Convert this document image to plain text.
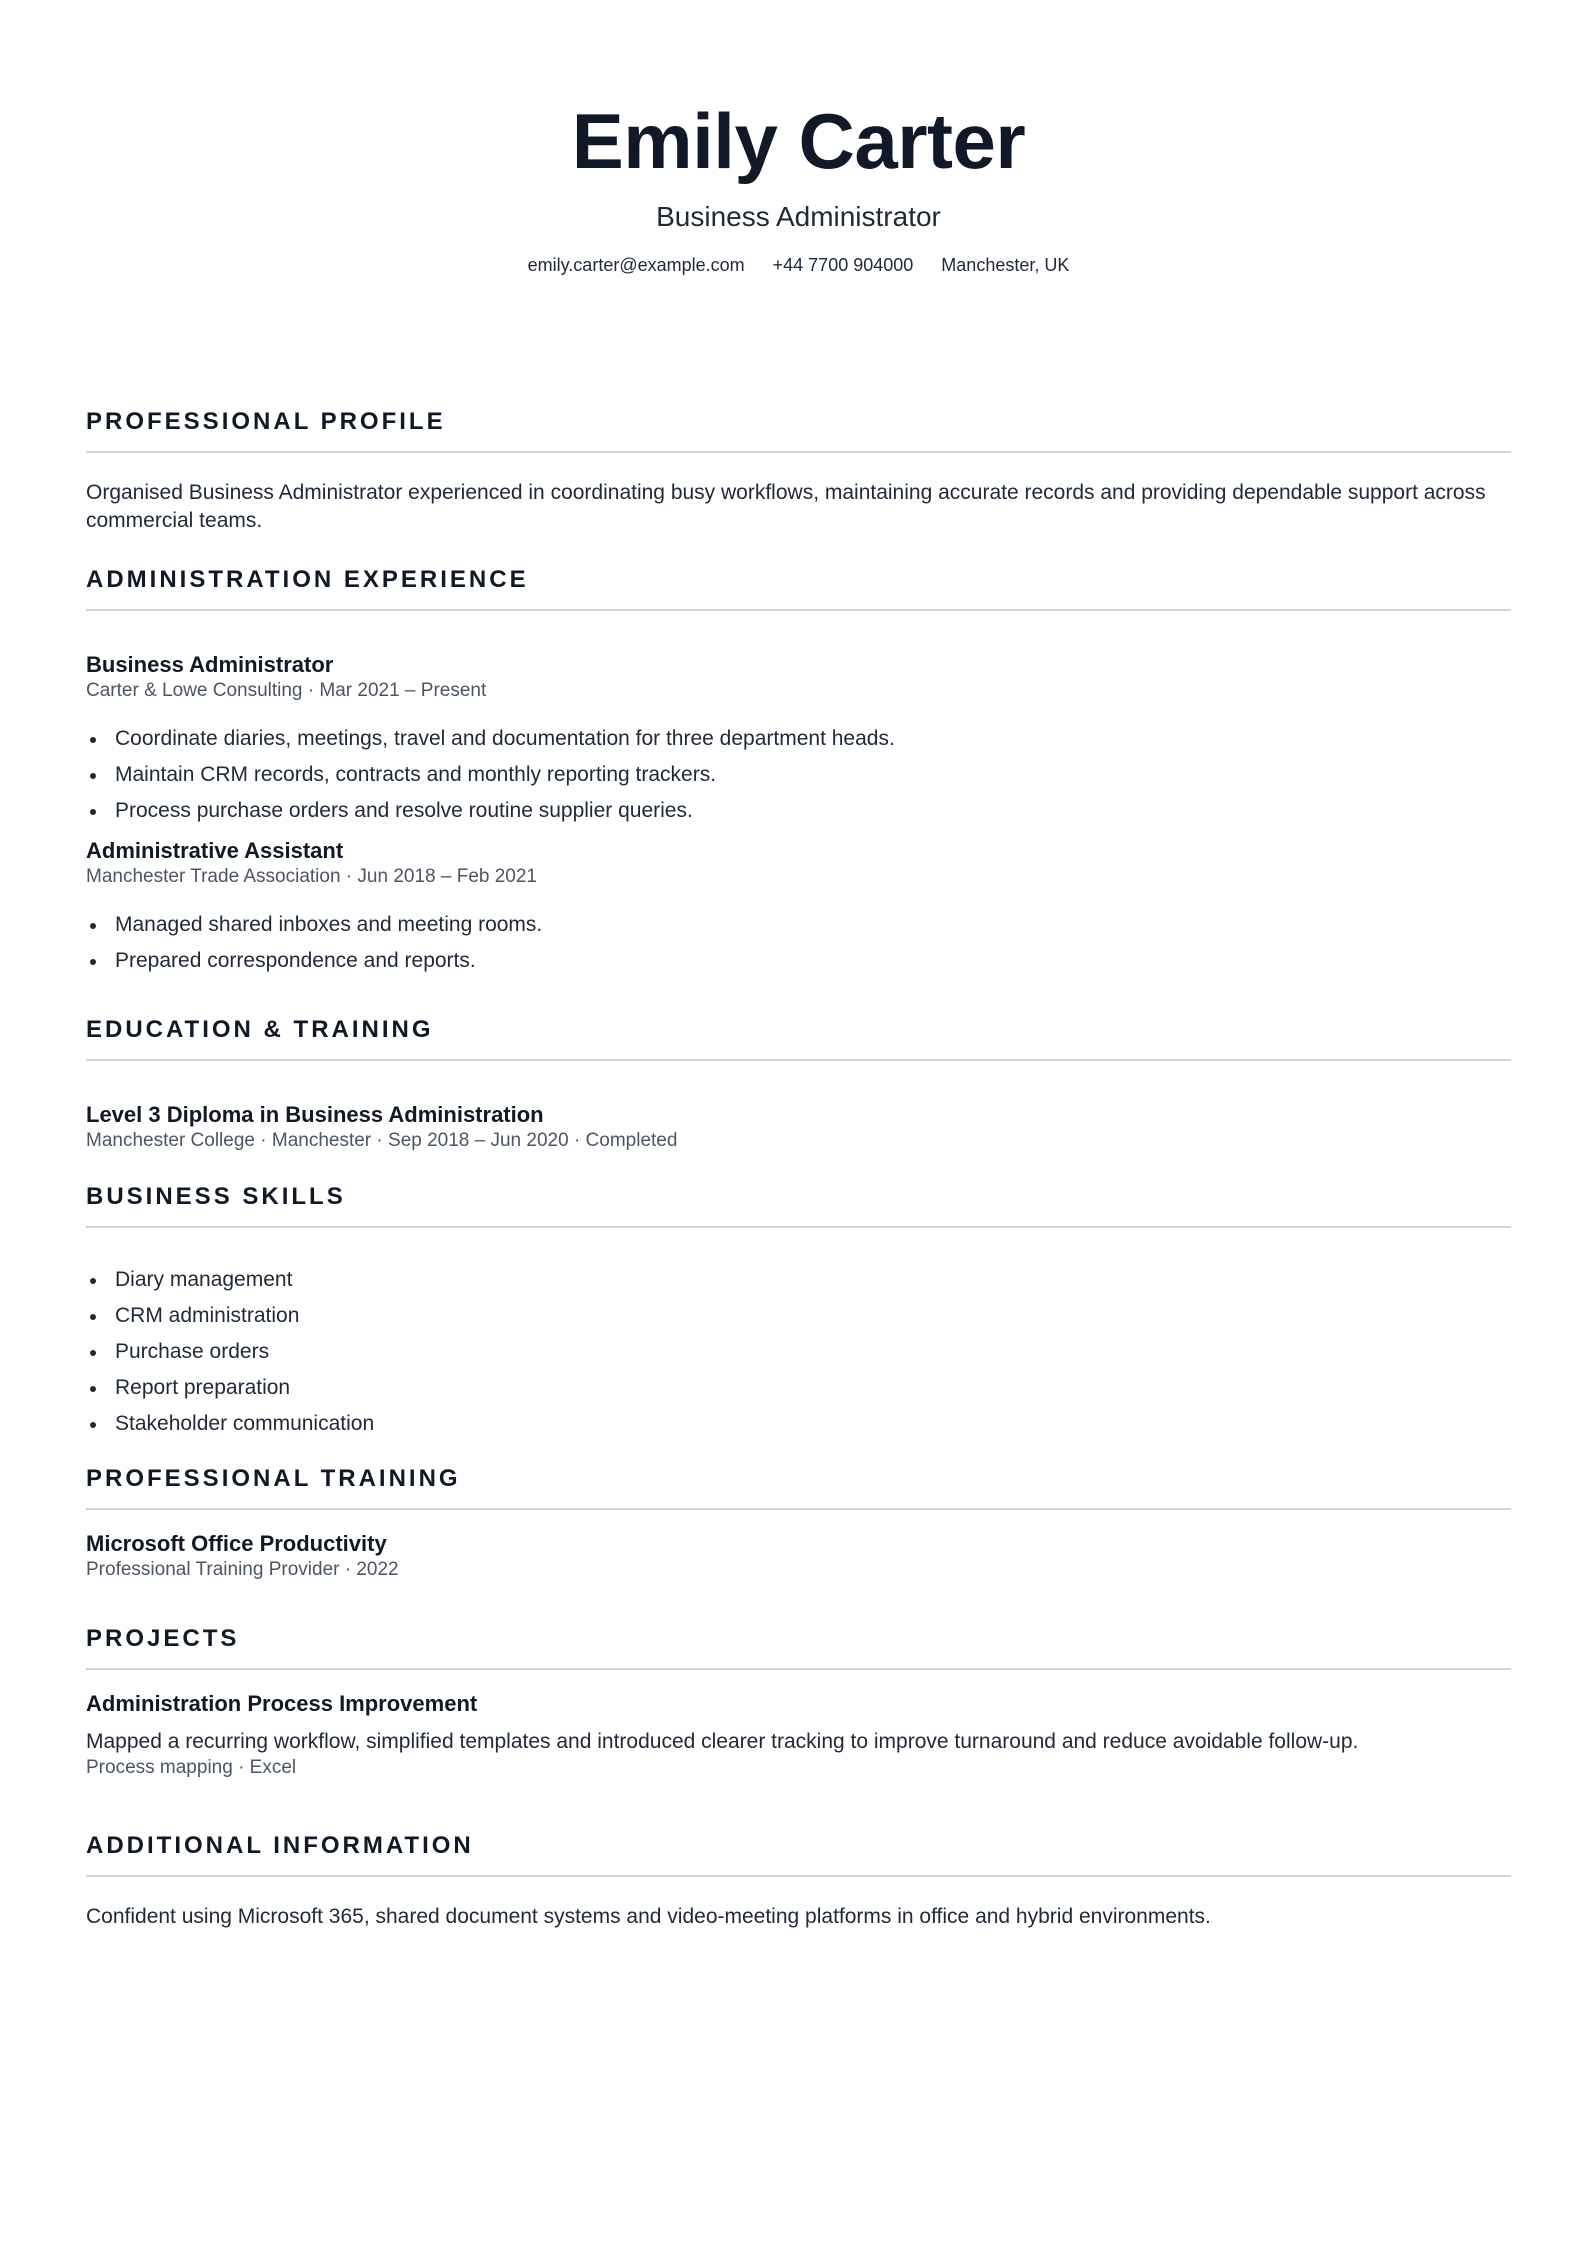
Emily Carter
Business Administrator
emily.carter@example.com +44 7700 904000 Manchester, UK
PROFESSIONAL PROFILE

Organised Business Administrator experienced in coordinating busy workflows, maintaining accurate records and providing dependable support across commercial teams.

ADMINISTRATION EXPERIENCE

Business Administrator

Carter & Lowe Consulting · Mar 2021 – Present

Coordinate diaries, meetings, travel and documentation for three department heads.
Maintain CRM records, contracts and monthly reporting trackers.
Process purchase orders and resolve routine supplier queries.

Administrative Assistant

Manchester Trade Association · Jun 2018 – Feb 2021

Managed shared inboxes and meeting rooms.
Prepared correspondence and reports.
EDUCATION & TRAINING

Level 3 Diploma in Business Administration

Manchester College · Manchester · Sep 2018 – Jun 2020 · Completed

BUSINESS SKILLS
Diary management
CRM administration
Purchase orders
Report preparation
Stakeholder communication
PROFESSIONAL TRAINING

Microsoft Office Productivity

Professional Training Provider · 2022

PROJECTS

Administration Process Improvement

Mapped a recurring workflow, simplified templates and introduced clearer tracking to improve turnaround and reduce avoidable follow-up.

Process mapping · Excel

ADDITIONAL INFORMATION

Confident using Microsoft 365, shared document systems and video-meeting platforms in office and hybrid environments.
